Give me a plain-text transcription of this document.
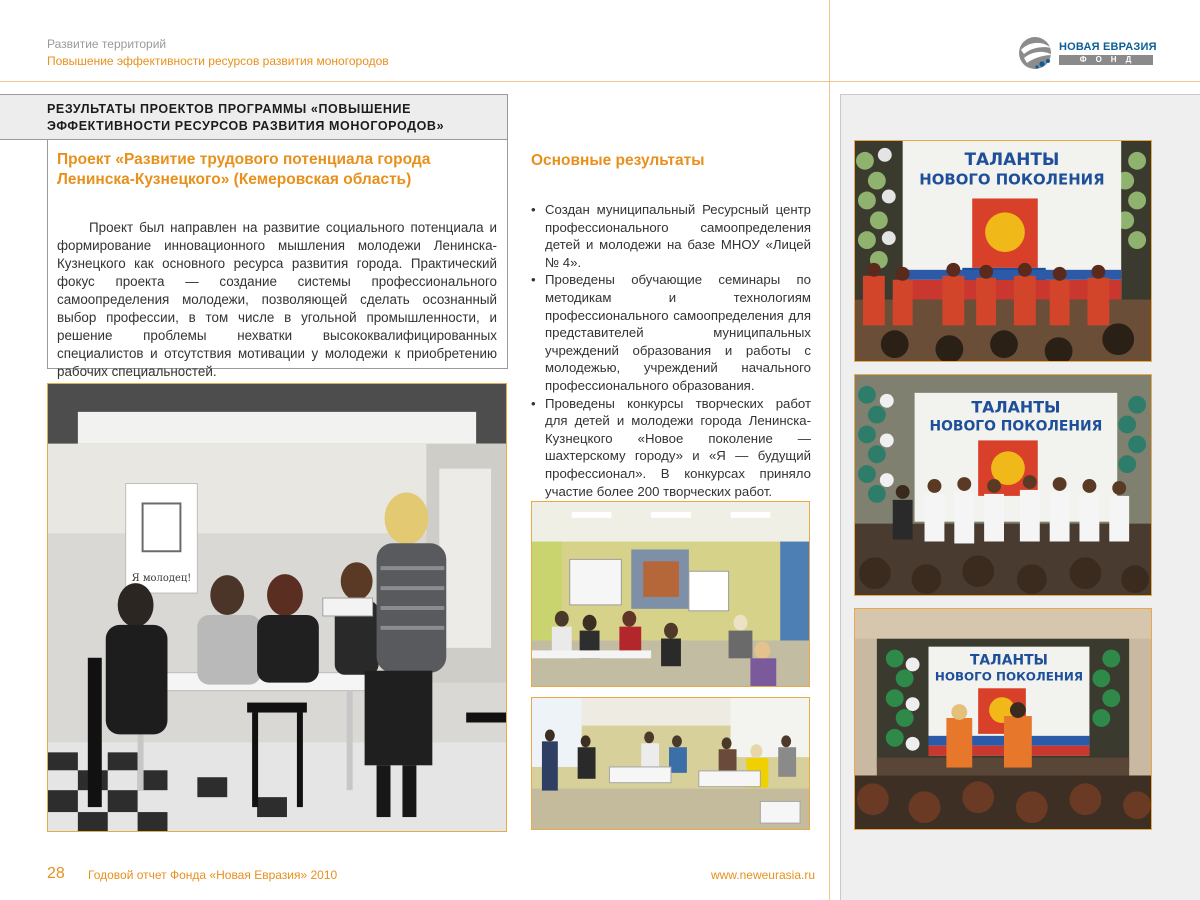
Развитие территорий
Повышение эффективности ресурсов развития моногородов
НОВАЯ ЕВРАЗИЯ
ФОНД
РЕЗУЛЬТАТЫ ПРОЕКТОВ ПРОГРАММЫ «ПОВЫШЕНИЕ ЭФФЕКТИВНОСТИ РЕСУРСОВ РАЗВИТИЯ МОНОГОРОДОВ»
Проект «Развитие трудового потенциала города Ленинска-Кузнецкого» (Кемеровская область)
Проект был направлен на развитие социального потенциала и формирование инновационного мышления молодежи Ленинска-Кузнецкого как основного ресурса развития города. Практический фокус проекта — создание системы профессионального самоопределения молодежи, позволяющей сделать осознанный выбор профессии, в том числе в угольной промышленности, и решение проблемы нехватки высококвалифицированных специалистов и отсутствия мотивации у молодежи к приобретению рабочих специальностей.
Я молодец!
Основные результаты
• Создан муниципальный Ресурсный центр профессионального самоопределения детей и молодежи на базе МНОУ «Лицей № 4».
• Проведены обучающие семинары по методикам и технологиям профессионального самоопределения для представителей муниципальных учреждений образования и работы с молодежью, учреждений начального профессионального образования.
• Проведены конкурсы творческих работ для детей и молодежи города Ленинска-Кузнецкого «Новое поколение — шахтерскому городу» и «Я — будущий профессионал». В конкурсах приняло участие более 200 творческих работ.
28 Годовой отчет Фонда «Новая Евразия» 2010	www.neweurasia.ru
ТАЛАНТЫ
НОВОГО ПОКОЛЕНИЯ
ТАЛАНТЫ
НОВОГО ПОКОЛЕНИЯ
ТАЛАНТЫ
НОВОГО ПОКОЛЕНИЯ
